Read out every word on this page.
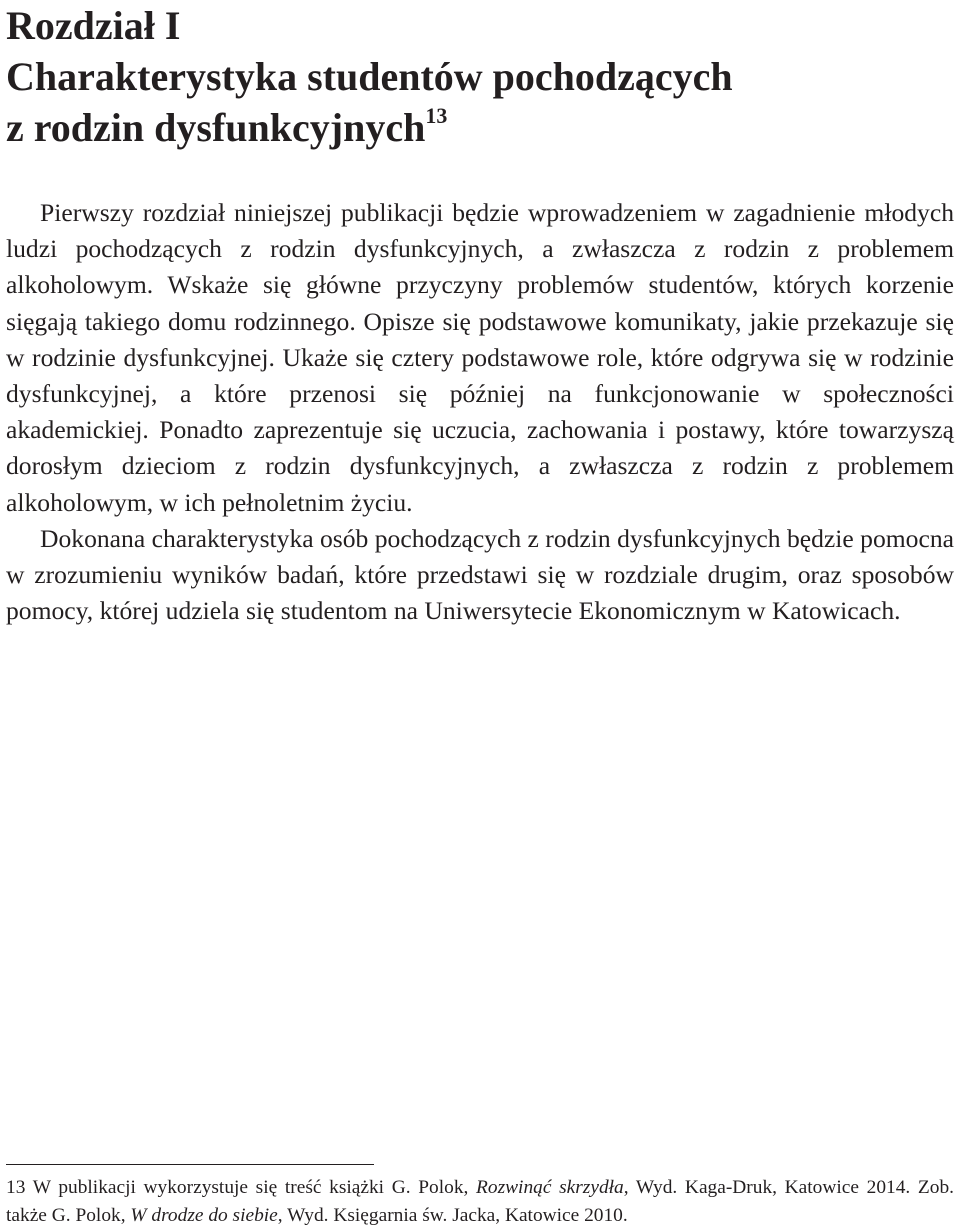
Rozdział I
Charakterystyka studentów pochodzących
z rodzin dysfunkcyjnych$^{13}$

Pierwszy rozdział niniejszej publikacji będzie wprowadzeniem w zagadnienie młodych ludzi pochodzących z rodzin dysfunkcyjnych, a zwłaszcza z rodzin z problemem alkoholowym. Wskaże się główne przyczyny problemów studentów, których korzenie sięgają takiego domu rodzinnego. Opisze się podstawowe komunikaty, jakie przekazuje się w rodzinie dysfunkcyjnej. Ukaże się cztery podstawowe role, które odgrywa się w rodzinie dysfunkcyjnej, a które przenosi się później na funkcjonowanie w społeczności akademickiej. Ponadto zaprezentuje się uczucia, zachowania i postawy, które towarzyszą dorosłym dzieciom z rodzin dysfunkcyjnych, a zwłaszcza z rodzin z problemem alkoholowym, w ich pełnoletnim życiu.

Dokonana charakterystyka osób pochodzących z rodzin dysfunkcyjnych będzie pomocna w zrozumieniu wyników badań, które przedstawi się w rozdziale drugim, oraz sposobów pomocy, której udziela się studentom na Uniwersytecie Ekonomicznym w Katowicach.

13 W publikacji wykorzystuje się treść książki G. Polok, Rozwinąć skrzydła, Wyd. Kaga-Druk, Katowice 2014. Zob. także G. Polok, W drodze do siebie, Wyd. Księgarnia św. Jacka, Katowice 2010.
